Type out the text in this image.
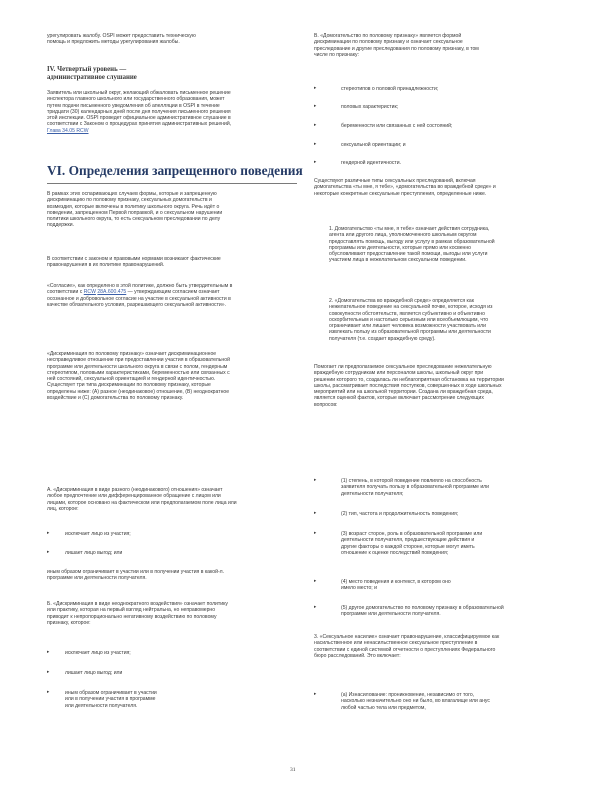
урегулировать жалобу. OSPI может предоставить техническую помощь и предложить методы урегулирования жалобы.

IV. Четвертый уровень — административное слушание

Заявитель или школьный округ, желающий обжаловать письменное решение инспектора главного школьного или государственного образования, может путем подачи письменного уведомления об апелляции в OSPI в течение тридцати (30) календарных дней после дня получения письменного решения этой инспекции. OSPI проведет официальное административное слушание в соответствии с Законом о процедурах принятия административных решений, Глава 34.05 RCW

VI. Определения запрещенного поведения

В рамках этих оспаривающих случаев формы, которые и запрещенную дискриминацию по половому признаку, сексуальных домогательств и возмездия, которые включены в политику школьного округа. Речь идёт о поведении, запрещенном Первой поправкой, и о сексуальном нарушении политики школьного округа, то есть сексуальном преследовании по делу поддержки.

В соответствии с законом и правовыми нормами возникают фактические правонарушения в их политике правонарушений.

«Согласие», как определено в этой политике, должно быть утвердительным в соответствии с RCW 28A.600.475 — утверждающим согласием означает осознанное и добровольное согласие на участие в сексуальной активности в качестве обязательного условия, разрешающего сексуальной активности».

«Дискриминация по половому признаку» означает дискриминационное несправедливое отношение при предоставлении участия в образовательной программе или деятельности школьного округа в связи с полом, гендерным стереотипом, половыми характеристиками, беременностью или связанных с ней состояний, сексуальной ориентацией и гендерной идентичностью. Существует три типа дискриминации по половому признаку, которые определены ниже: (A) разное (неодинаковое) отношение, (B) неоднократное воздействие и (C) домогательства по половому признаку.

A. «Дискриминация в виде разного (неодинакового) отношения» означает любое предпочтение или дифференцированное обращение с лицом или лицами, которое основано на фактическом или предполагаемом поле лица или лиц, которое:

▸	исключает лицо из участия;
▸	лишает лицо выгод; или

иным образом ограничивает в участии или в получении участия в какой-л. программе или деятельности получателя.

Б. «Дискриминация в виде неоднократного воздействия» означает политику или практику, которая на первый взгляд нейтральна, но неправомерно приводит к непропорционально негативному воздействию по половому признаку, которое:

▸	исключает лицо из участия;
▸	лишает лицо выгод; или
▸	иным образом ограничивает в участии или в получении участия в программе или деятельности получателя.

В. «Домогательство по половому признаку» является формой дискриминации по половому признаку и означает сексуальное преследование и другие преследования по половому признаку, в том числе по признаку:

▸	стереотипов о половой принадлежности;
▸	половых характеристик;
▸	беременности или связанных с ней состояний;
▸	сексуальной ориентации; и
▸	гендерной идентичности.

Существуют различные типы сексуальных преследований, включая домогательства «ты мне, я тебе», «домогательства во враждебной среде» и некоторые конкретные сексуальные преступления, определенные ниже.

1. Домогательство «ты мне, я тебе» означает действия сотрудника, агента или другого лица, уполномоченного школьным округом предоставлять помощь, выгоду или услугу в рамках образовательной программы или деятельности, которые прямо или косвенно обусловливают предоставление такой помощи, выгоды или услуги участием лица в нежелательном сексуальном поведении.

2. «Домогательства во враждебной среде» определяется как нежелательное поведение на сексуальной почве, которое, исходя из совокупности обстоятельств, является субъективно и объективно оскорбительным и настолько серьезным или всеобъемлющим, что ограничивает или лишает человека возможности участвовать или извлекать пользу из образовательной программы или деятельности получателя (т.е. создает враждебную среду).

Помогает ли предполагаемое сексуальное преследование нежелательную враждебную сотрудникам или персоналом школы, школьный округ при решении которого то, создалась ли неблагоприятная обстановка на территории школы, рассматривает последствия поступков, совершенных в ходе школьных мероприятий или на школьной территории. Создана ли враждебная среда, является оценкой фактов, которые включает рассмотрение следующих вопросов:

▸	(1) степень, в которой поведение повлияло на способность заявителя получать пользу в образовательной программе или деятельности получателя;
▸	(2) тип, частота и продолжительность поведения;
▸	(3) возраст сторон, роль в образовательной программе или деятельности получателя, предшествующие действия и другие факторы о каждой стороне, которые могут иметь отношение к оценке последствий поведения;
▸	(4) место поведения и контекст, в котором оно имело место; и
▸	(5) другое домогательство по половому признаку в образовательной программе или деятельности получателя.

3. «Сексуальное насилие» означает правонарушение, классифицируемое как насильственное или ненасильственное сексуальное преступление в соответствии с единой системой отчетности о преступлениях Федерального бюро расследований. Это включает:

▸	(a) Изнасилование: проникновение, независимо от того, насколько незначительно оно ни было, во влагалище или анус любой частью тела или предметом,
31
